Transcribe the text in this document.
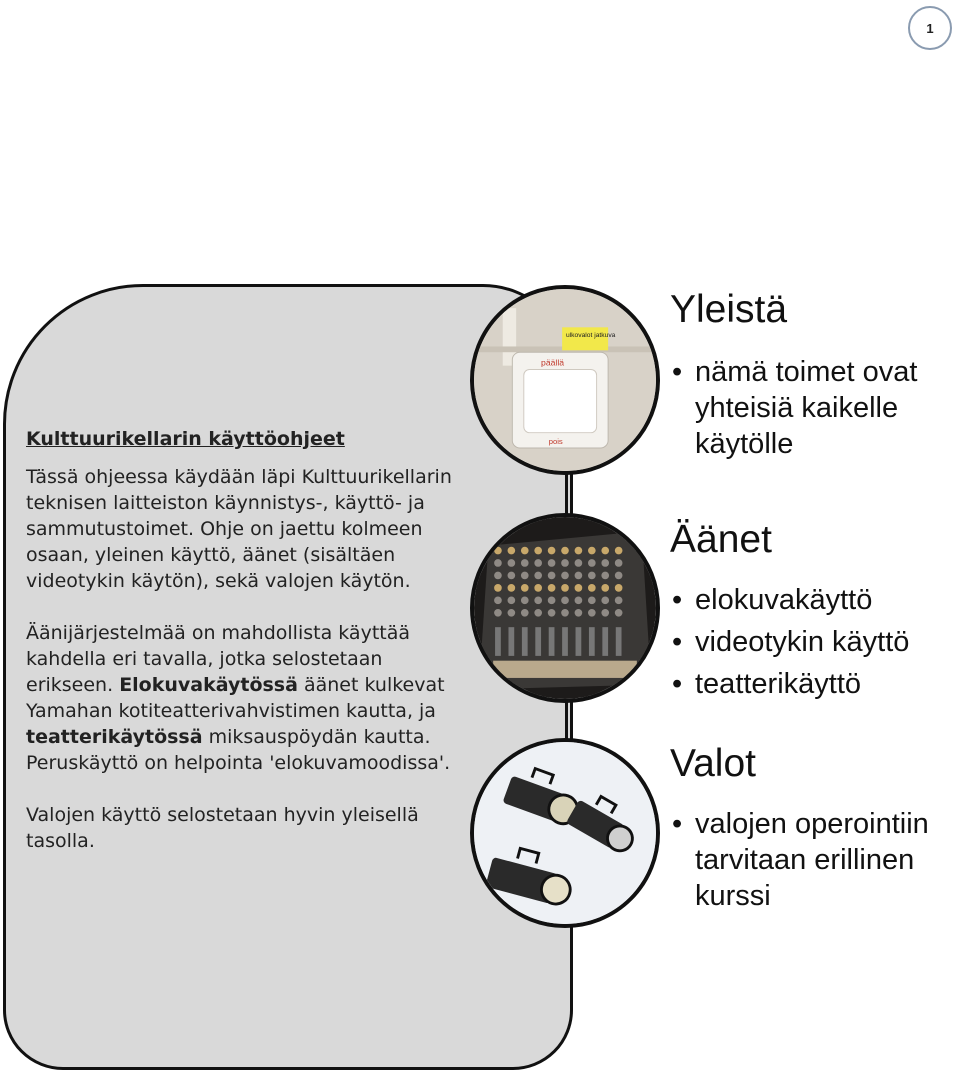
1

Kulttuurikellarin käyttöohjeet

Tässä ohjeessa käydään läpi Kulttuurikellarin teknisen laitteiston käynnistys-, käyttö- ja sammutustoimet. Ohje on jaettu kolmeen osaan, yleinen käyttö, äänet (sisältäen videotykin käytön), sekä valojen käytön.

Äänijärjestelmää on mahdollista käyttää kahdella eri tavalla, jotka selostetaan erikseen. Elokuvakäytössä äänet kulkevat Yamahan kotiteatterivahvistimen kautta, ja teatterikäytössä miksauspöydän kautta. Peruskäyttö on helpointa 'elokuvamoodissa'.

Valojen käyttö selostetaan hyvin yleisellä tasolla.

ulkovalot jatkuva
päällä
pois
Yleistä
• nämä toimet ovat yhteisiä kaikelle käytölle
Äänet
• elokuvakäyttö
• videotykin käyttö
• teatterikäyttö
Valot
• valojen operointiin tarvitaan erillinen kurssi
